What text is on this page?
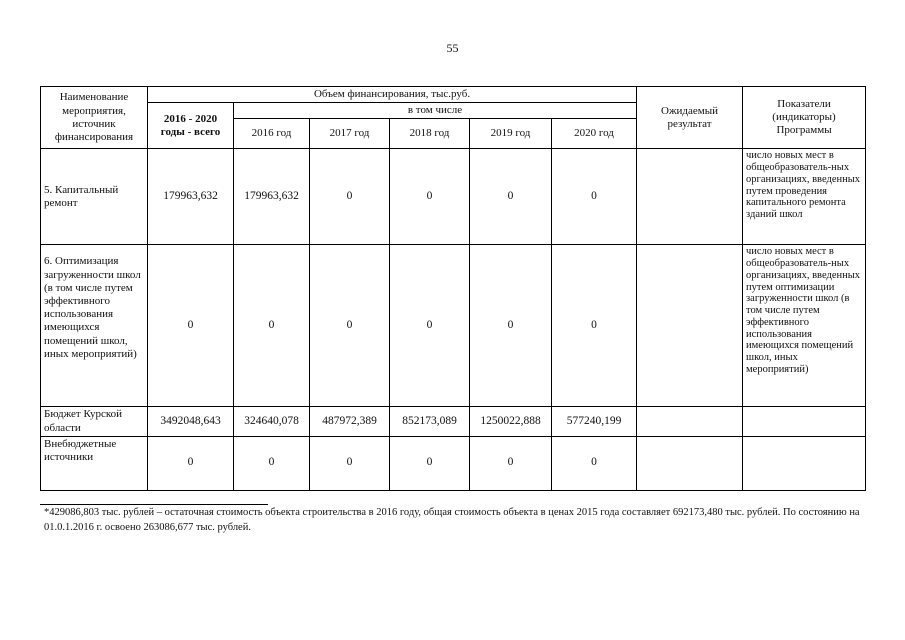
55
Наименование мероприятия, источник финансирования	Объем финансирования, тыс.руб.						Ожидаемый результат	Показатели (индикаторы) Программы
	2016 - 2020 годы - всего	в том числе						
		2016 год	2017 год	2018 год	2019 год	2020 год		
5. Капитальный ремонт	179963,632	179963,632	0	0	0	0		число новых мест в общеобразователь-ных организациях, введенных путем проведения капитального ремонта зданий школ
6. Оптимизация загруженности школ (в том числе путем эффективного использования имеющихся помещений школ, иных мероприятий)	0	0	0	0	0	0		число новых мест в общеобразователь-ных организациях, введенных путем оптимизации загруженности школ (в том числе путем эффективного использования имеющихся помещений школ, иных мероприятий)
Бюджет Курской области	3492048,643	324640,078	487972,389	852173,089	1250022,888	577240,199		
Внебюджетные источники	0	0	0	0	0	0		
*429086,803 тыс. рублей – остаточная стоимость объекта строительства в 2016 году, общая стоимость объекта в ценах 2015 года составляет 692173,480 тыс. рублей. По состоянию на 01.0.1.2016 г. освоено 263086,677 тыс. рублей.
